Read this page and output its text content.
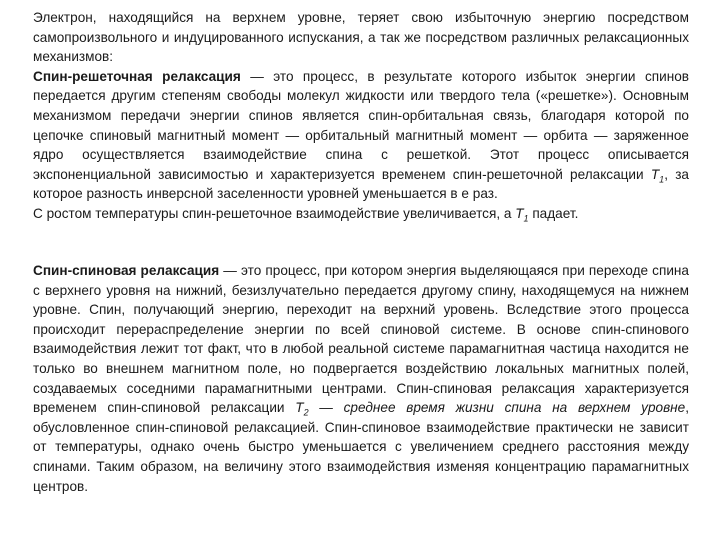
Электрон, находящийся на верхнем уровне, теряет свою избыточную энергию посредством самопроизвольного и индуцированного испускания, а так же посредством различных релаксационных механизмов:
Спин-решеточная релаксация — это процесс, в результате которого избыток энергии спинов передается другим степеням свободы молекул жидкости или твердого тела («решетке»). Основным механизмом передачи энергии спинов является спин-орбитальная связь, благодаря которой по цепочке спиновый магнитный момент — орбитальный магнитный момент — орбита — заряженное ядро осуществляется взаимодействие спина с решеткой. Этот процесс описывается экспоненциальной зависимостью и характеризуется временем спин-решеточной релаксации $T_1$, за которое разность инверсной заселенности уровней уменьшается в e раз.

С ростом температуры спин-решеточное взаимодействие увеличивается, а $T_1$ падает.
Спин-спиновая релаксация — это процесс, при котором энергия выделяющаяся при переходе спина с верхнего уровня на нижний, безизлучательно передается другому спину, находящемуся на нижнем уровне. Спин, получающий энергию, переходит на верхний уровень. Вследствие этого процесса происходит перераспределение энергии по всей спиновой системе. В основе спин-спинового взаимодействия лежит тот факт, что в любой реальной системе парамагнитная частица находится не только во внешнем магнитном поле, но подвергается воздействию локальных магнитных полей, создаваемых соседними парамагнитными центрами. Спин-спиновая релаксация характеризуется временем спин-спиновой релаксации $T_2$ — среднее время жизни спина на верхнем уровне, обусловленное спин-спиновой релаксацией. Спин-спиновое взаимодействие практически не зависит от температуры, однако очень быстро уменьшается с увеличением среднего расстояния между спинами. Таким образом, на величину этого взаимодействия изменяя концентрацию парамагнитных центров.
